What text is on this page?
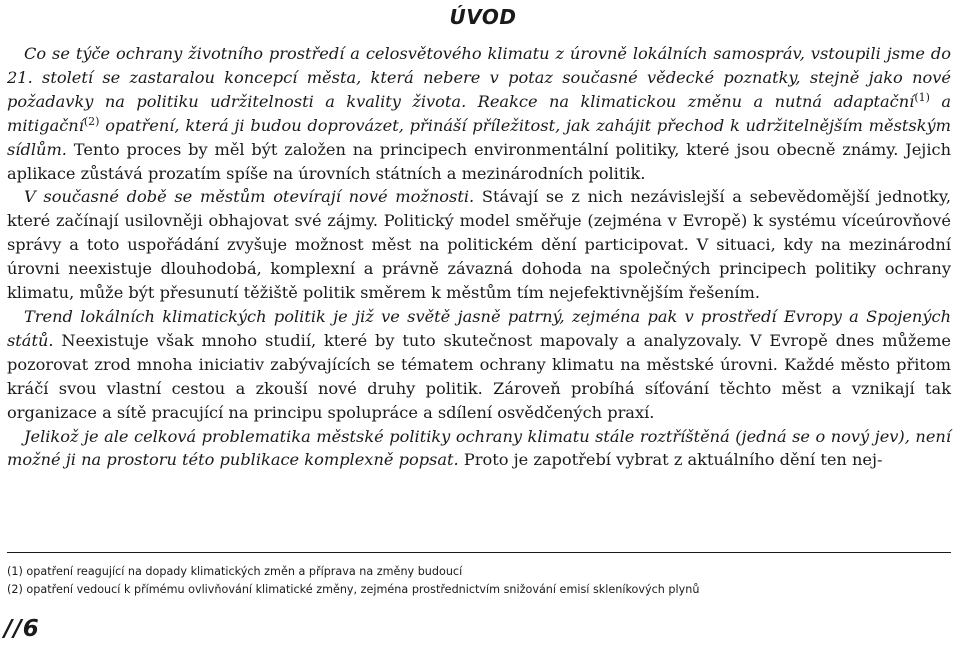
ÚVOD

Co se týče ochrany životního prostředí a celosvětového klimatu z úrovně lokálních samospráv, vstoupili jsme do 21. století se zastaralou koncepcí města, která nebere v potaz současné vědecké poznatky, stejně jako nové požadavky na politiku udržitelnosti a kvality života. Reakce na klimatickou změnu a nutná adaptační$^{(1)}$ a mitigační$^{(2)}$ opatření, která ji budou doprovázet, přináší příležitost, jak zahájit přechod k udržitelnějším městským sídlům. Tento proces by měl být založen na principech environmentální politiky, které jsou obecně známy. Jejich aplikace zůstává prozatím spíše na úrovních státních a mezinárodních politik.

V současné době se městům otevírají nové možnosti. Stávají se z nich nezávislejší a sebevědomější jednotky, které začínají usilovněji obhajovat své zájmy. Politický model směřuje (zejména v Evropě) k systému víceúrovňové správy a toto uspořádání zvyšuje možnost měst na politickém dění participovat. V situaci, kdy na mezinárodní úrovni neexistuje dlouhodobá, komplexní a právně závazná dohoda na společných principech politiky ochrany klimatu, může být přesunutí těžiště politik směrem k městům tím nejefektivnějším řešením.

Trend lokálních klimatických politik je již ve světě jasně patrný, zejména pak v prostředí Evropy a Spojených států. Neexistuje však mnoho studií, které by tuto skutečnost mapovaly a analyzovaly. V Evropě dnes můžeme pozorovat zrod mnoha iniciativ zabývajících se tématem ochrany klimatu na městské úrovni. Každé město přitom kráčí svou vlastní cestou a zkouší nové druhy politik. Zároveň probíhá síťování těchto měst a vznikají tak organizace a sítě pracující na principu spolupráce a sdílení osvědčených praxí.

Jelikož je ale celková problematika městské politiky ochrany klimatu stále roztříštěná (jedná se o nový jev), není možné ji na prostoru této publikace komplexně popsat. Proto je zapotřebí vybrat z aktuálního dění ten nej-

(1) opatření reagující na dopady klimatických změn a příprava na změny budoucí
(2) opatření vedoucí k přímému ovlivňování klimatické změny, zejména prostřednictvím snižování emisí skleníkových plynů
//6
